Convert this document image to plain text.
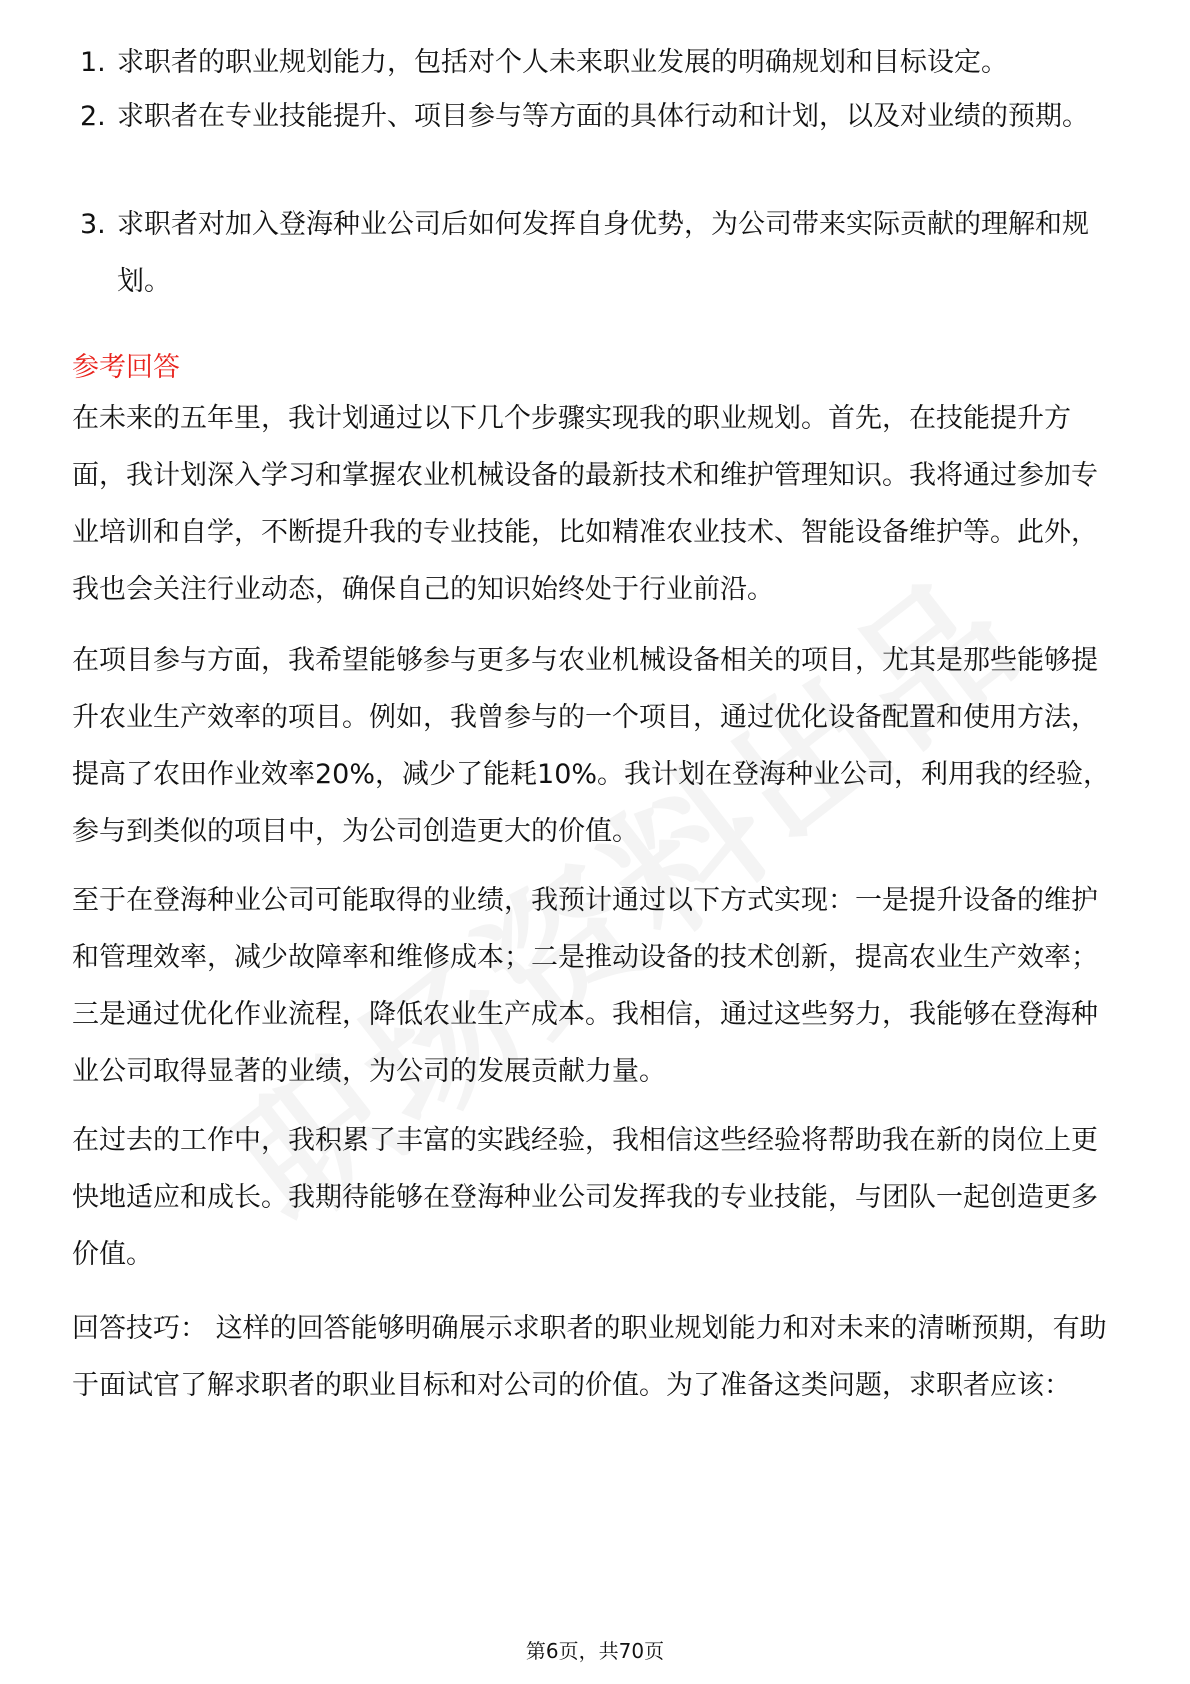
1. 求职者的职业规划能力，包括对个人未来职业发展的明确规划和目标设定。
2. 求职者在专业技能提升、项目参与等方面的具体行动和计划，以及对业绩的预期。
3. 求职者对加入登海种业公司后如何发挥自身优势，为公司带来实际贡献的理解和规划。
参考回答
在未来的五年里，我计划通过以下几个步骤实现我的职业规划。首先，在技能提升方面，我计划深入学习和掌握农业机械设备的最新技术和维护管理知识。我将通过参加专业培训和自学，不断提升我的专业技能，比如精准农业技术、智能设备维护等。此外，我也会关注行业动态，确保自己的知识始终处于行业前沿。
在项目参与方面，我希望能够参与更多与农业机械设备相关的项目，尤其是那些能够提升农业生产效率的项目。例如，我曾参与的一个项目，通过优化设备配置和使用方法，提高了农田作业效率20%，减少了能耗10%。我计划在登海种业公司，利用我的经验，参与到类似的项目中，为公司创造更大的价值。
至于在登海种业公司可能取得的业绩，我预计通过以下方式实现：一是提升设备的维护和管理效率，减少故障率和维修成本；二是推动设备的技术创新，提高农业生产效率；三是通过优化作业流程，降低农业生产成本。我相信，通过这些努力，我能够在登海种业公司取得显著的业绩，为公司的发展贡献力量。
在过去的工作中，我积累了丰富的实践经验，我相信这些经验将帮助我在新的岗位上更快地适应和成长。我期待能够在登海种业公司发挥我的专业技能，与团队一起创造更多价值。
回答技巧： 这样的回答能够明确展示求职者的职业规划能力和对未来的清晰预期，有助于面试官了解求职者的职业目标和对公司的价值。为了准备这类问题，求职者应该：
第6页，共70页
